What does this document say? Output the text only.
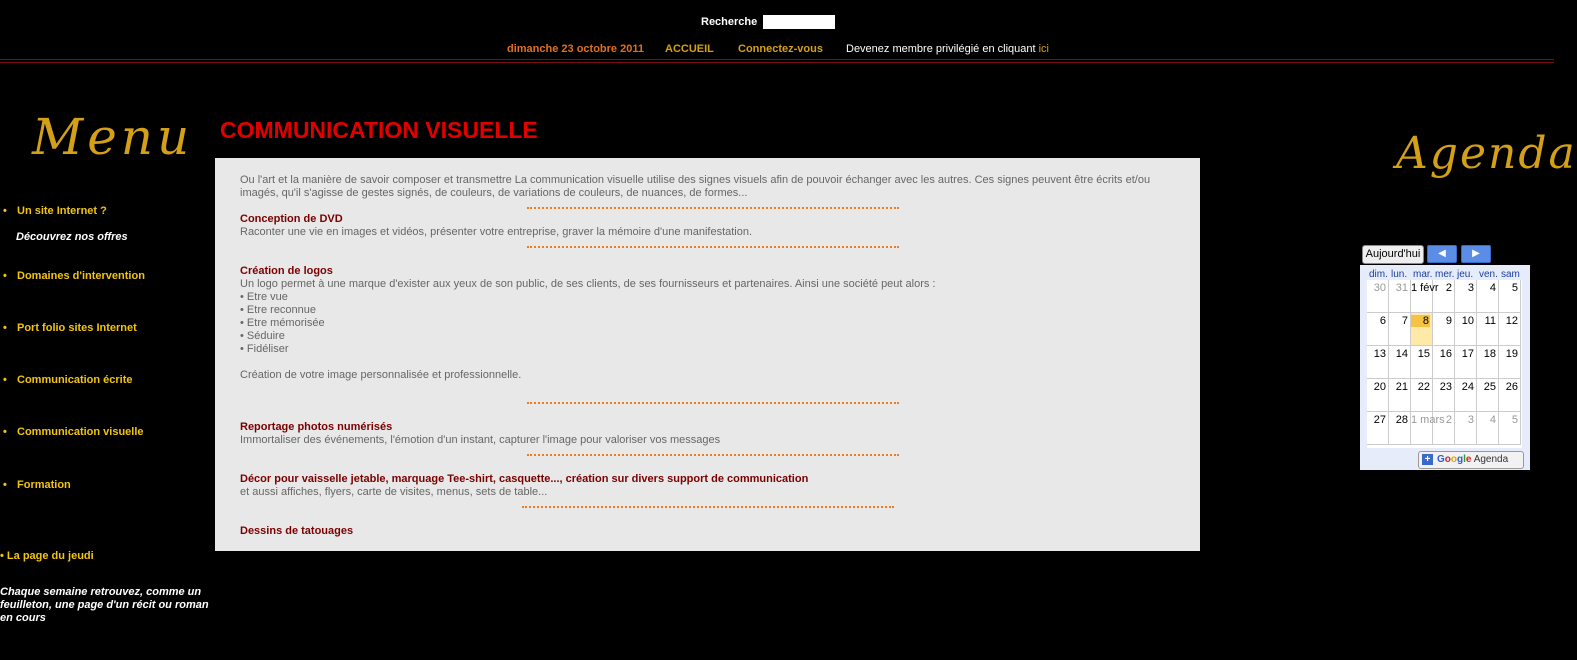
Recherche
dimanche 23 octobre 2011 ACCUEIL Connectez-vous Devenez membre privilégié en cliquant ici
Menu
• Un site Internet ?
Découvrez nos offres
• Domaines d'intervention
• Port folio sites Internet
• Communication écrite
• Communication visuelle
• Formation
• La page du jeudi
Chaque semaine retrouvez, comme un feuilleton, une page d'un récit ou roman en cours
COMMUNICATION VISUELLE
Ou l'art et la manière de savoir composer et transmettre La communication visuelle utilise des signes visuels afin de pouvoir échanger avec les autres. Ces signes peuvent être écrits et/ou imagés, qu'il s'agisse de gestes signés, de couleurs, de variations de couleurs, de nuances, de formes...
Conception de DVD
Raconter une vie en images et vidéos, présenter votre entreprise, graver la mémoire d'une manifestation.
Création de logos
Un logo permet à une marque d'exister aux yeux de son public, de ses clients, de ses fournisseurs et partenaires. Ainsi une société peut alors :
• Etre vue
• Etre reconnue
• Etre mémorisée
• Séduire
• Fidéliser
Création de votre image personnalisée et professionnelle.
Reportage photos numérisés
Immortaliser des événements, l'émotion d'un instant, capturer l'image pour valoriser vos messages
Décor pour vaisselle jetable, marquage Tee-shirt, casquette..., création sur divers support de communication
et aussi affiches, flyers, carte de visites, menus, sets de table...
Dessins de tatouages
Agenda
Aujourd'hui	◀	▶
dim. lun. mar. mer. jeu. ven. sam
30 31 1 févr 2	3	4	5
6	7	8	9 10 11 12
13 14 15 16 17 18 19
20 21 22 23 24 25 26
27 28 1 mars 2	3	4	5
+ Google Agenda
